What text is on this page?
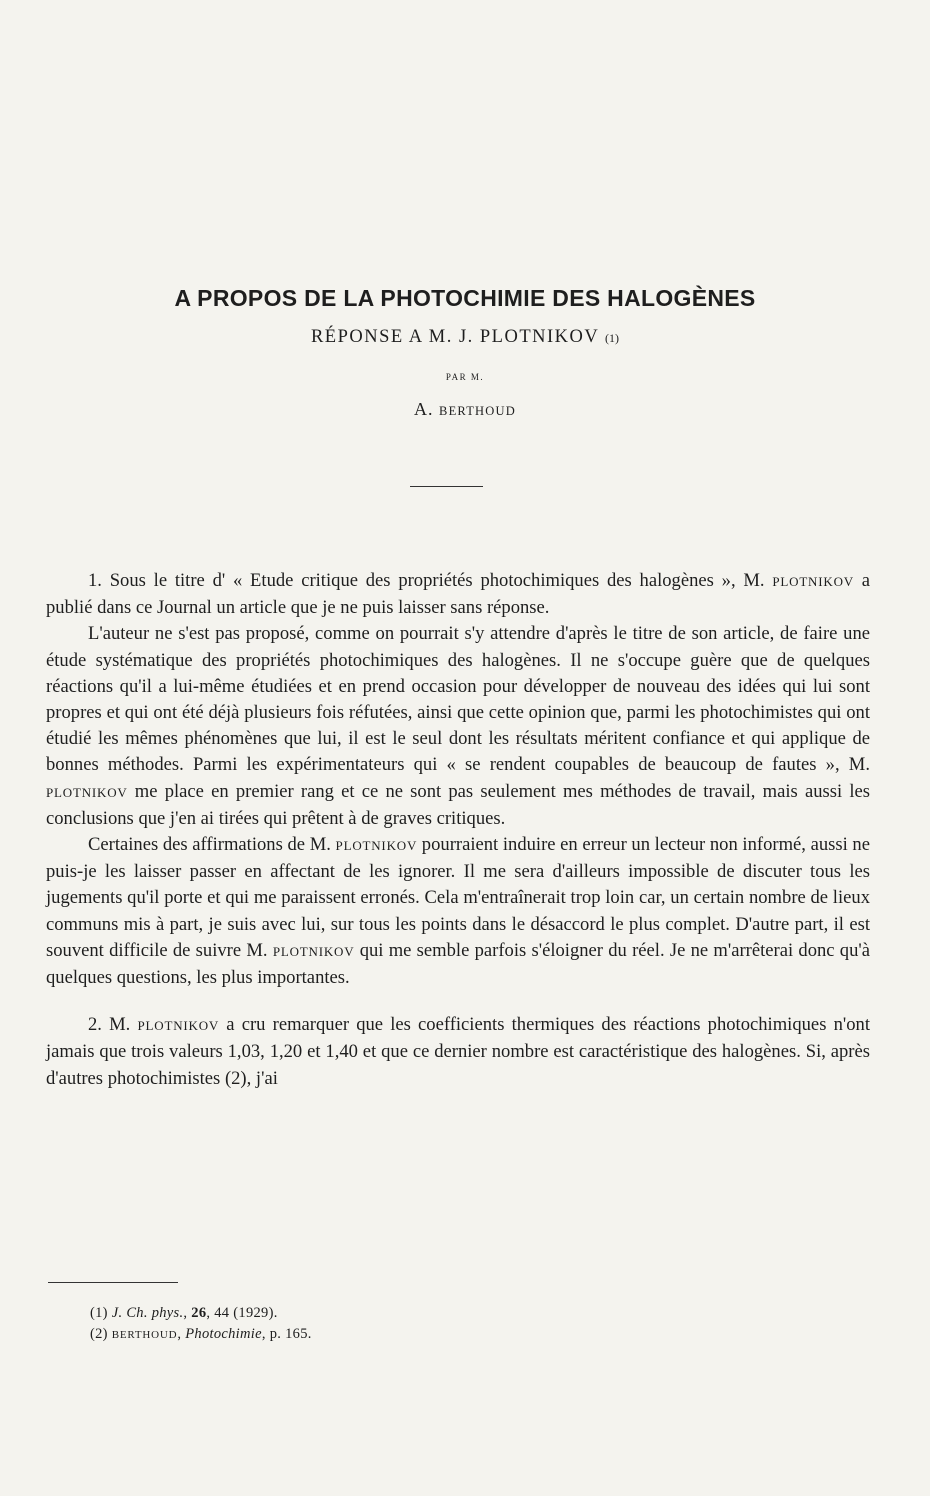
A PROPOS DE LA PHOTOCHIMIE DES HALOGÈNES
RÉPONSE A M. J. PLOTNIKOV (1)
PAR M.
A. BERTHOUD

1. Sous le titre d' « Etude critique des propriétés photochimiques des halogènes », M. PLOTNIKOV a publié dans ce Journal un article que je ne puis laisser sans réponse.

L'auteur ne s'est pas proposé, comme on pourrait s'y attendre d'après le titre de son article, de faire une étude systématique des propriétés photochimiques des halogènes. Il ne s'occupe guère que de quelques réactions qu'il a lui-même étudiées et en prend occasion pour développer de nouveau des idées qui lui sont propres et qui ont été déjà plusieurs fois réfutées, ainsi que cette opinion que, parmi les photochimistes qui ont étudié les mêmes phénomènes que lui, il est le seul dont les résultats méritent confiance et qui applique de bonnes méthodes. Parmi les expérimentateurs qui « se rendent coupables de beaucoup de fautes », M. PLOTNIKOV me place en premier rang et ce ne sont pas seulement mes méthodes de travail, mais aussi les conclusions que j'en ai tirées qui prêtent à de graves critiques.

Certaines des affirmations de M. PLOTNIKOV pourraient induire en erreur un lecteur non informé, aussi ne puis-je les laisser passer en affectant de les ignorer. Il me sera d'ailleurs impossible de discuter tous les jugements qu'il porte et qui me paraissent erronés. Cela m'entraînerait trop loin car, un certain nombre de lieux communs mis à part, je suis avec lui, sur tous les points dans le désaccord le plus complet. D'autre part, il est souvent difficile de suivre M. PLOTNIKOV qui me semble parfois s'éloigner du réel. Je ne m'arrêterai donc qu'à quelques questions, les plus importantes.

2. M. PLOTNIKOV a cru remarquer que les coefficients thermiques des réactions photochimiques n'ont jamais que trois valeurs 1,03, 1,20 et 1,40 et que ce dernier nombre est caractéristique des halogènes. Si, après d'autres photochimistes (2), j'ai

(1) J. Ch. phys., 26, 44 (1929).
(2) BERTHOUD, Photochimie, p. 165.
